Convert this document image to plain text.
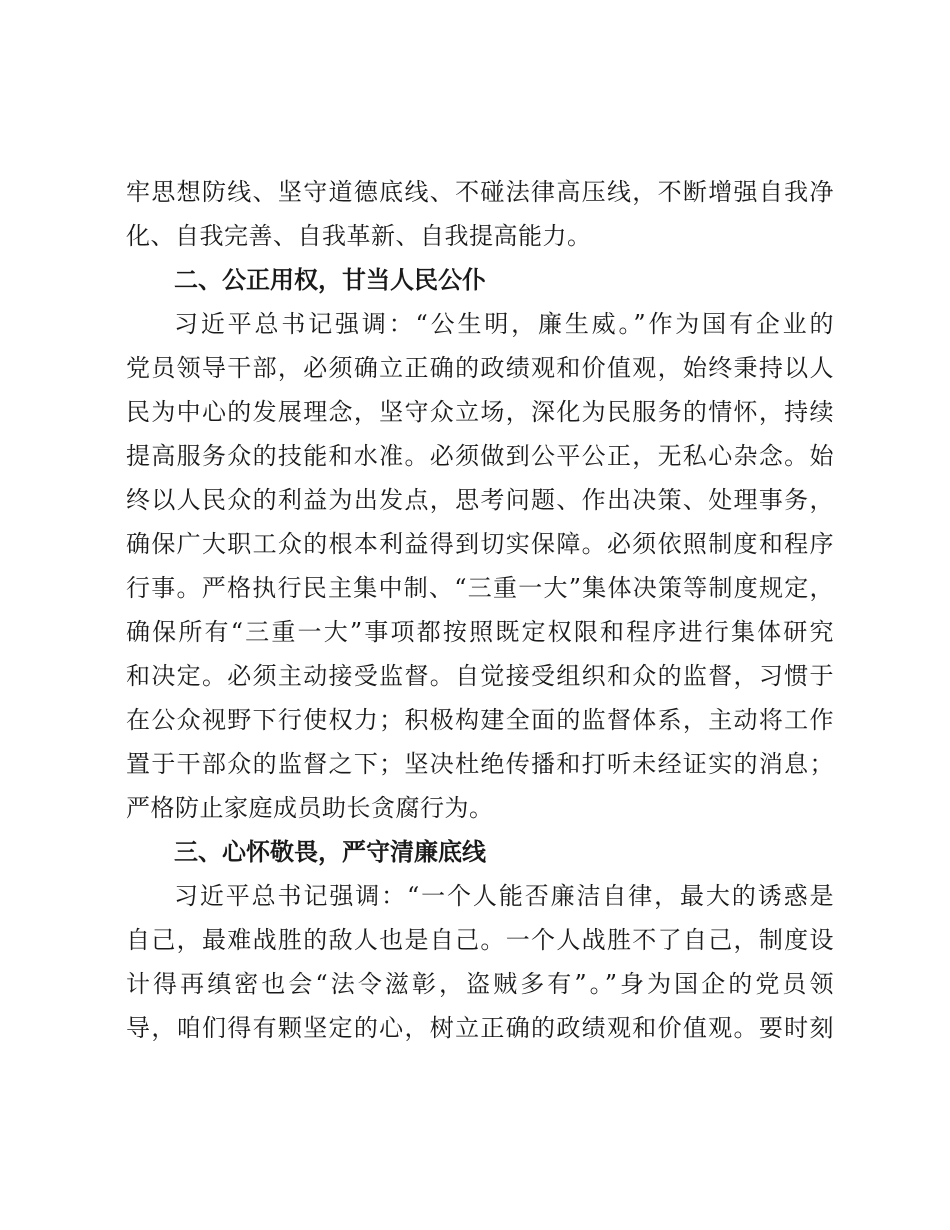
牢思想防线、坚守道德底线、不碰法律高压线，不断增强自我净
化、自我完善、自我革新、自我提高能力。
二、公正用权，甘当人民公仆
习近平总书记强调：“公生明，廉生威。”作为国有企业的
党员领导干部，必须确立正确的政绩观和价值观，始终秉持以人
民为中心的发展理念，坚守众立场，深化为民服务的情怀，持续
提高服务众的技能和水准。必须做到公平公正，无私心杂念。始
终以人民众的利益为出发点，思考问题、作出决策、处理事务，
确保广大职工众的根本利益得到切实保障。必须依照制度和程序
行事。严格执行民主集中制、“三重一大”集体决策等制度规定，
确保所有“三重一大”事项都按照既定权限和程序进行集体研究
和决定。必须主动接受监督。自觉接受组织和众的监督，习惯于
在公众视野下行使权力；积极构建全面的监督体系，主动将工作
置于干部众的监督之下；坚决杜绝传播和打听未经证实的消息；
严格防止家庭成员助长贪腐行为。
三、心怀敬畏，严守清廉底线
习近平总书记强调：“一个人能否廉洁自律，最大的诱惑是
自己，最难战胜的敌人也是自己。一个人战胜不了自己，制度设
计得再缜密也会“法令滋彰，盗贼多有”。”身为国企的党员领
导，咱们得有颗坚定的心，树立正确的政绩观和价值观。要时刻
